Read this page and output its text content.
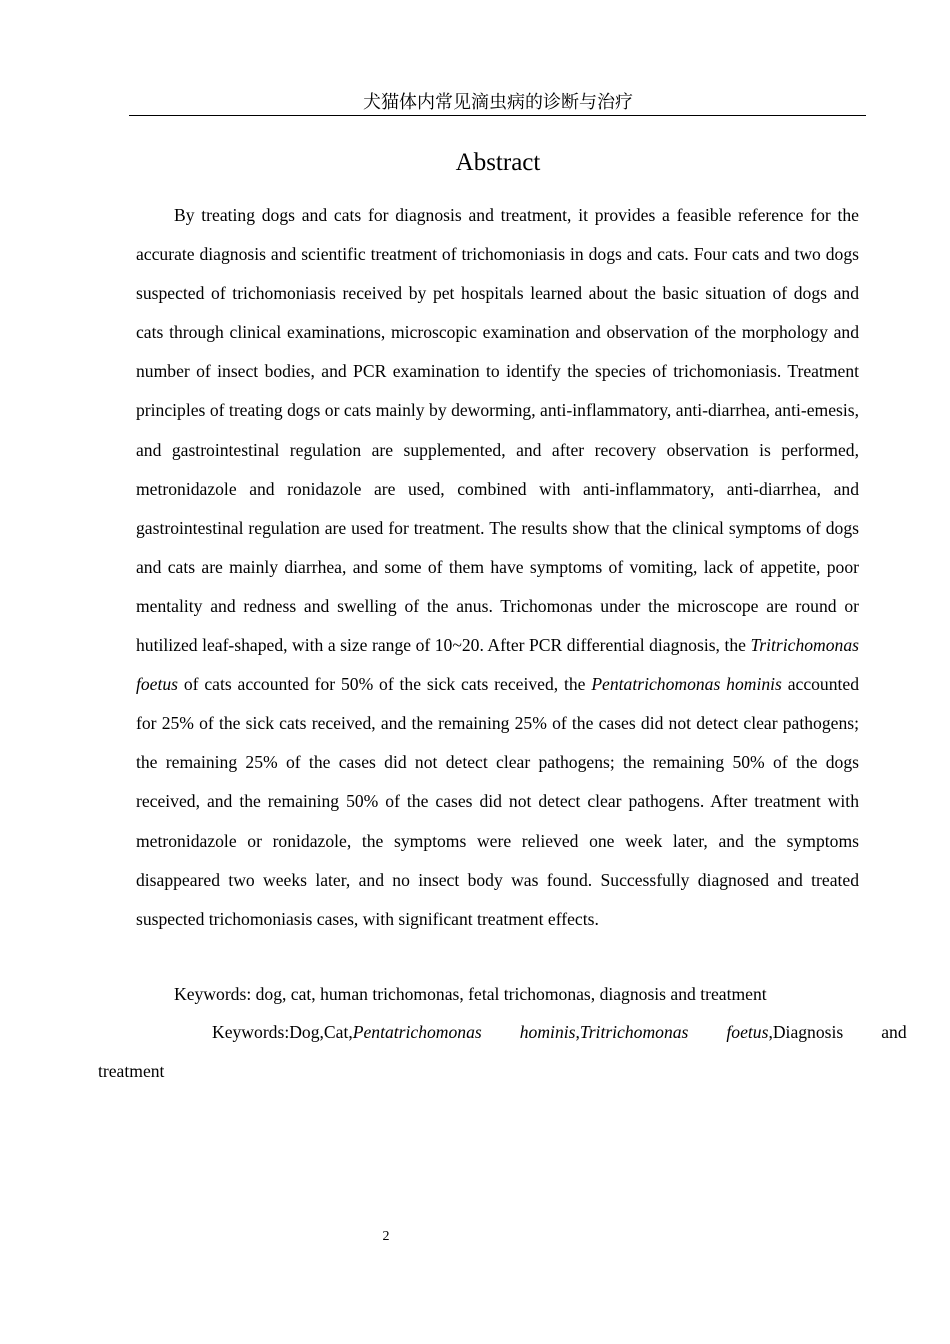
犬猫体内常见滴虫病的诊断与治疗
Abstract

By treating dogs and cats for diagnosis and treatment, it provides a feasible reference for the accurate diagnosis and scientific treatment of trichomoniasis in dogs and cats. Four cats and two dogs suspected of trichomoniasis received by pet hospitals learned about the basic situation of dogs and cats through clinical examinations, microscopic examination and observation of the morphology and number of insect bodies, and PCR examination to identify the species of trichomoniasis. Treatment principles of treating dogs or cats mainly by deworming, anti-inflammatory, anti-diarrhea, anti-emesis, and gastrointestinal regulation are supplemented, and after recovery observation is performed, metronidazole and ronidazole are used, combined with anti-inflammatory, anti-diarrhea, and gastrointestinal regulation are used for treatment. The results show that the clinical symptoms of dogs and cats are mainly diarrhea, and some of them have symptoms of vomiting, lack of appetite, poor mentality and redness and swelling of the anus. Trichomonas under the microscope are round or hutilized leaf-shaped, with a size range of 10~20. After PCR differential diagnosis, the Tritrichomonas foetus of cats accounted for 50% of the sick cats received, the Pentatrichomonas hominis accounted for 25% of the sick cats received, and the remaining 25% of the cases did not detect clear pathogens; the remaining 25% of the cases did not detect clear pathogens; the remaining 50% of the dogs received, and the remaining 50% of the cases did not detect clear pathogens. After treatment with metronidazole or ronidazole, the symptoms were relieved one week later, and the symptoms disappeared two weeks later, and no insect body was found. Successfully diagnosed and treated suspected trichomoniasis cases, with significant treatment effects.

Keywords: dog, cat, human trichomonas, fetal trichomonas, diagnosis and treatment

Keywords:Dog,Cat,Pentatrichomonas	hominis,Tritrichomonas	foetus,Diagnosis	and
treatment
2
